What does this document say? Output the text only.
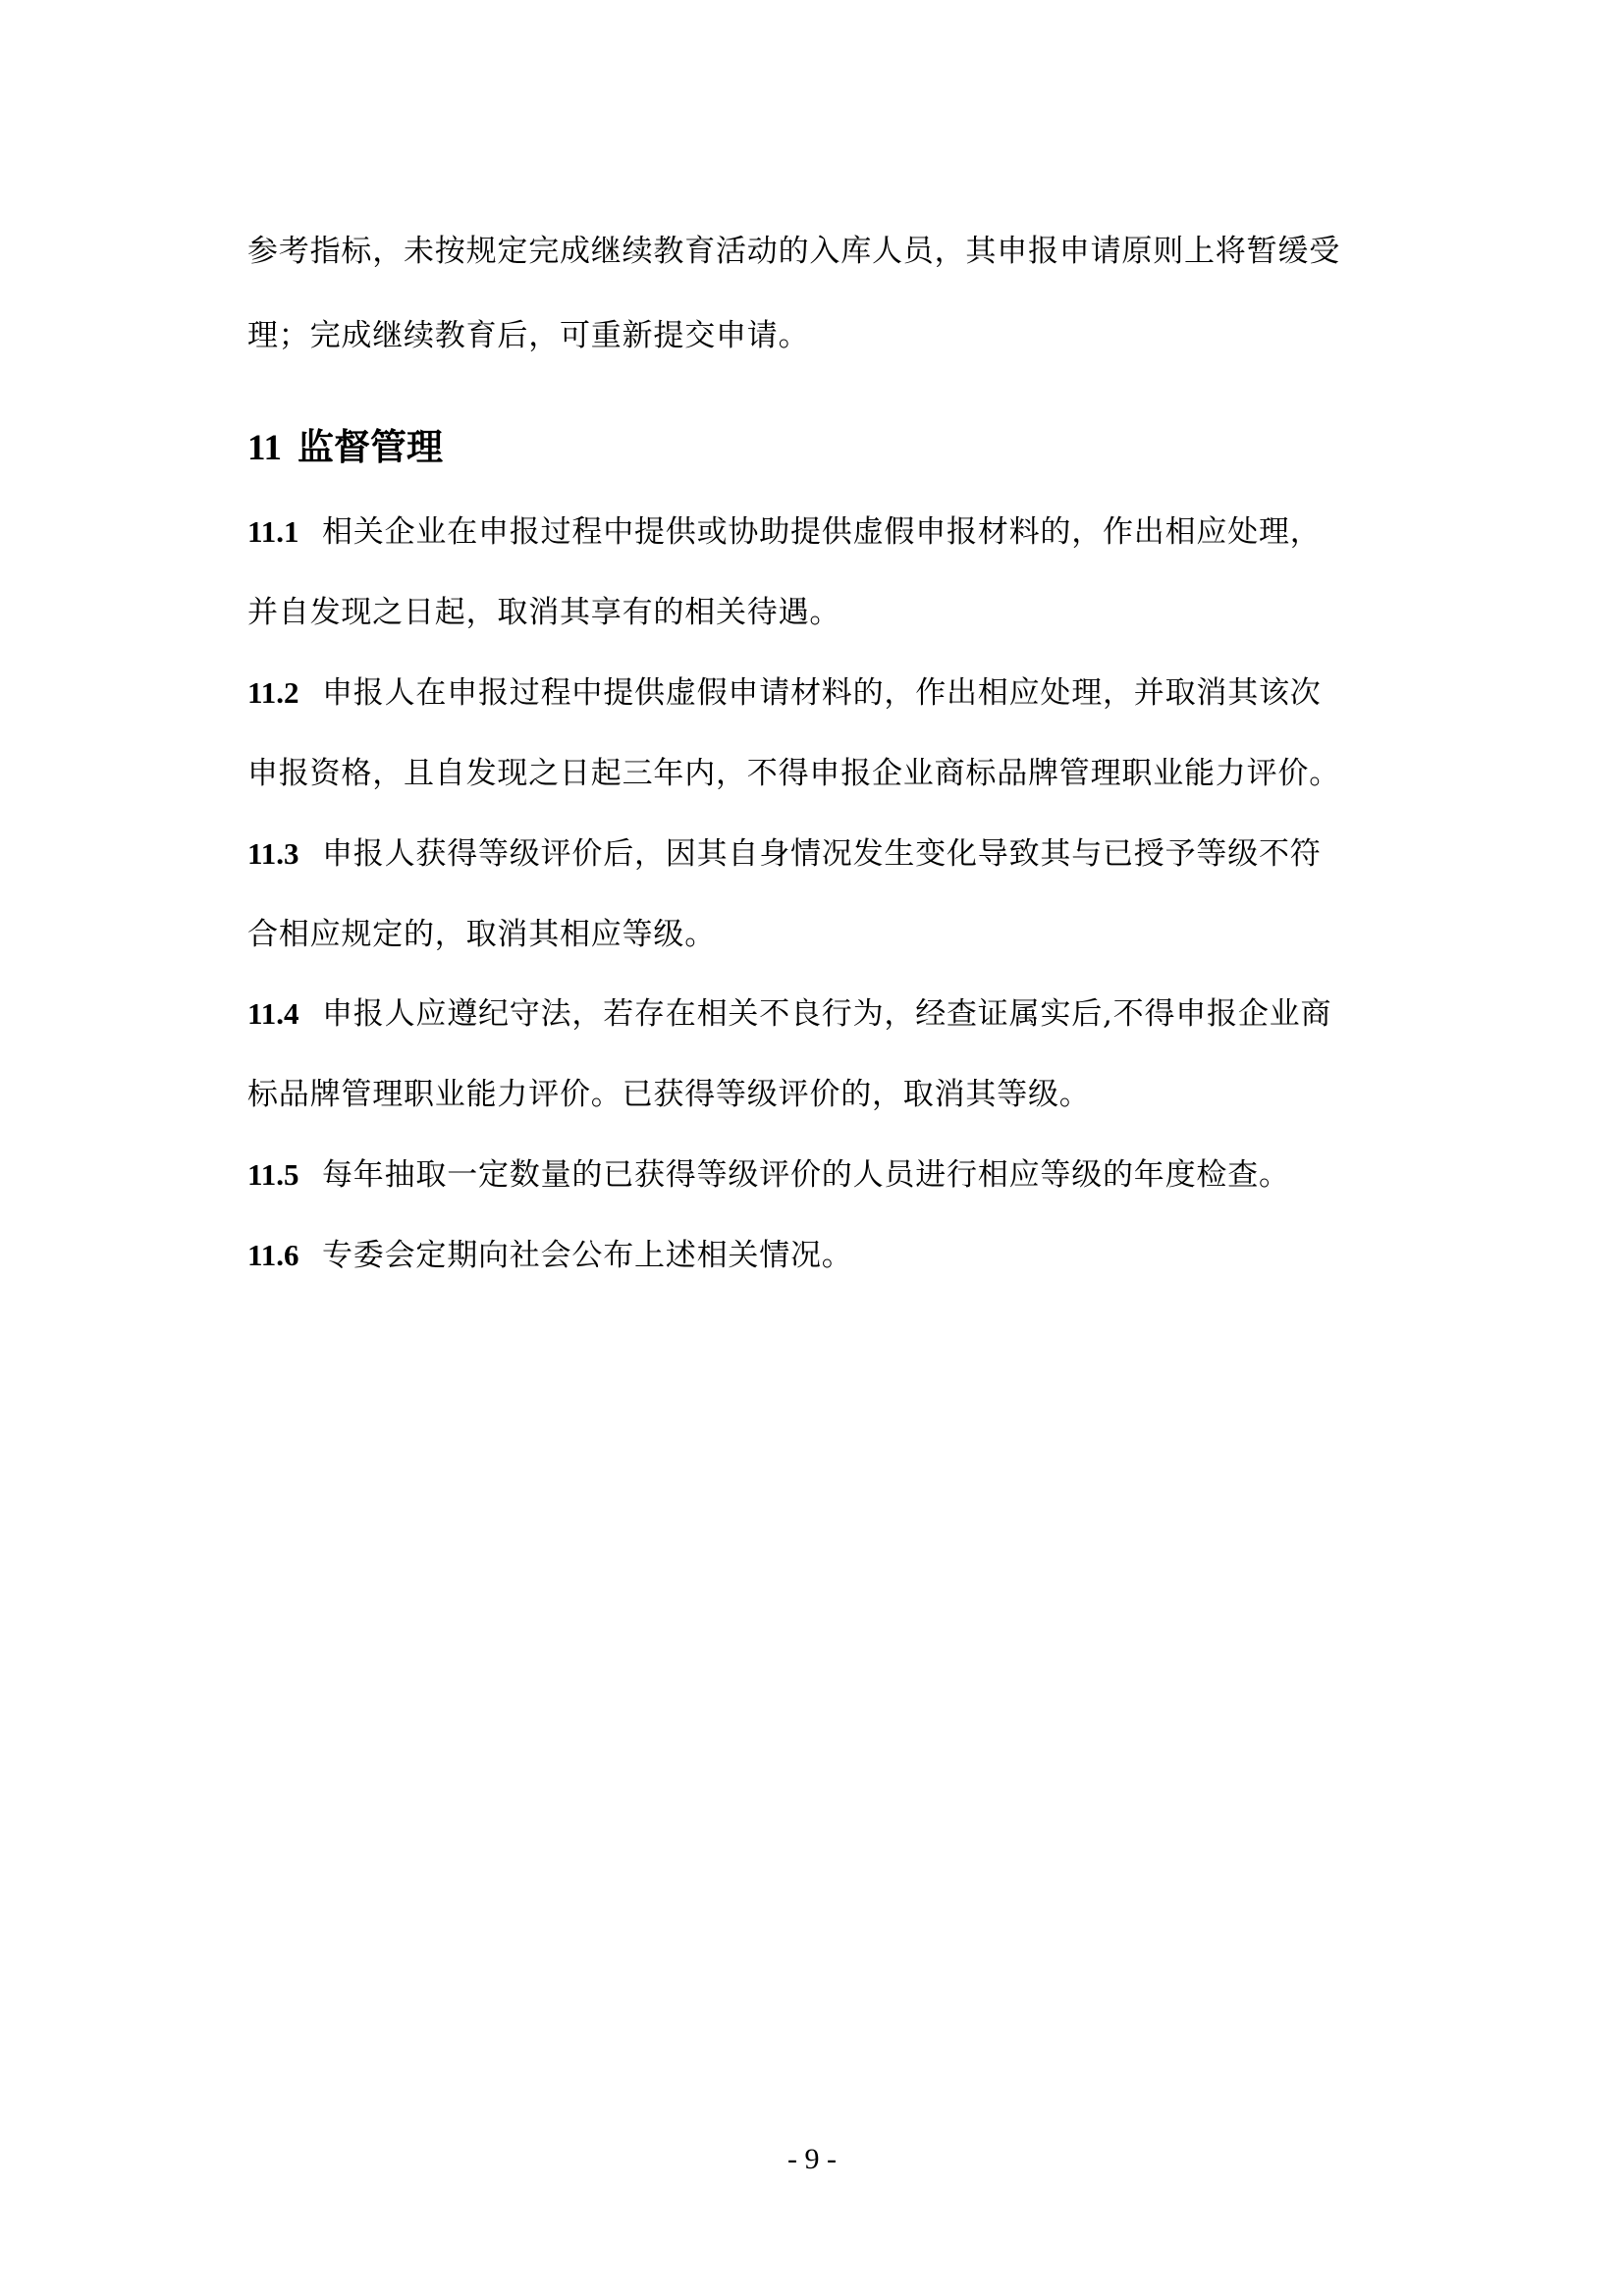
参考指标，未按规定完成继续教育活动的入库人员，其申报申请原则上将暂缓受
理；完成继续教育后，可重新提交申请。
11 监督管理
11.1 相关企业在申报过程中提供或协助提供虚假申报材料的，作出相应处理，
并自发现之日起，取消其享有的相关待遇。
11.2 申报人在申报过程中提供虚假申请材料的，作出相应处理，并取消其该次
申报资格，且自发现之日起三年内，不得申报企业商标品牌管理职业能力评价。
11.3 申报人获得等级评价后，因其自身情况发生变化导致其与已授予等级不符
合相应规定的，取消其相应等级。
11.4 申报人应遵纪守法，若存在相关不良行为，经查证属实后,不得申报企业商
标品牌管理职业能力评价。已获得等级评价的，取消其等级。
11.5 每年抽取一定数量的已获得等级评价的人员进行相应等级的年度检查。
11.6 专委会定期向社会公布上述相关情况。
- 9 -
